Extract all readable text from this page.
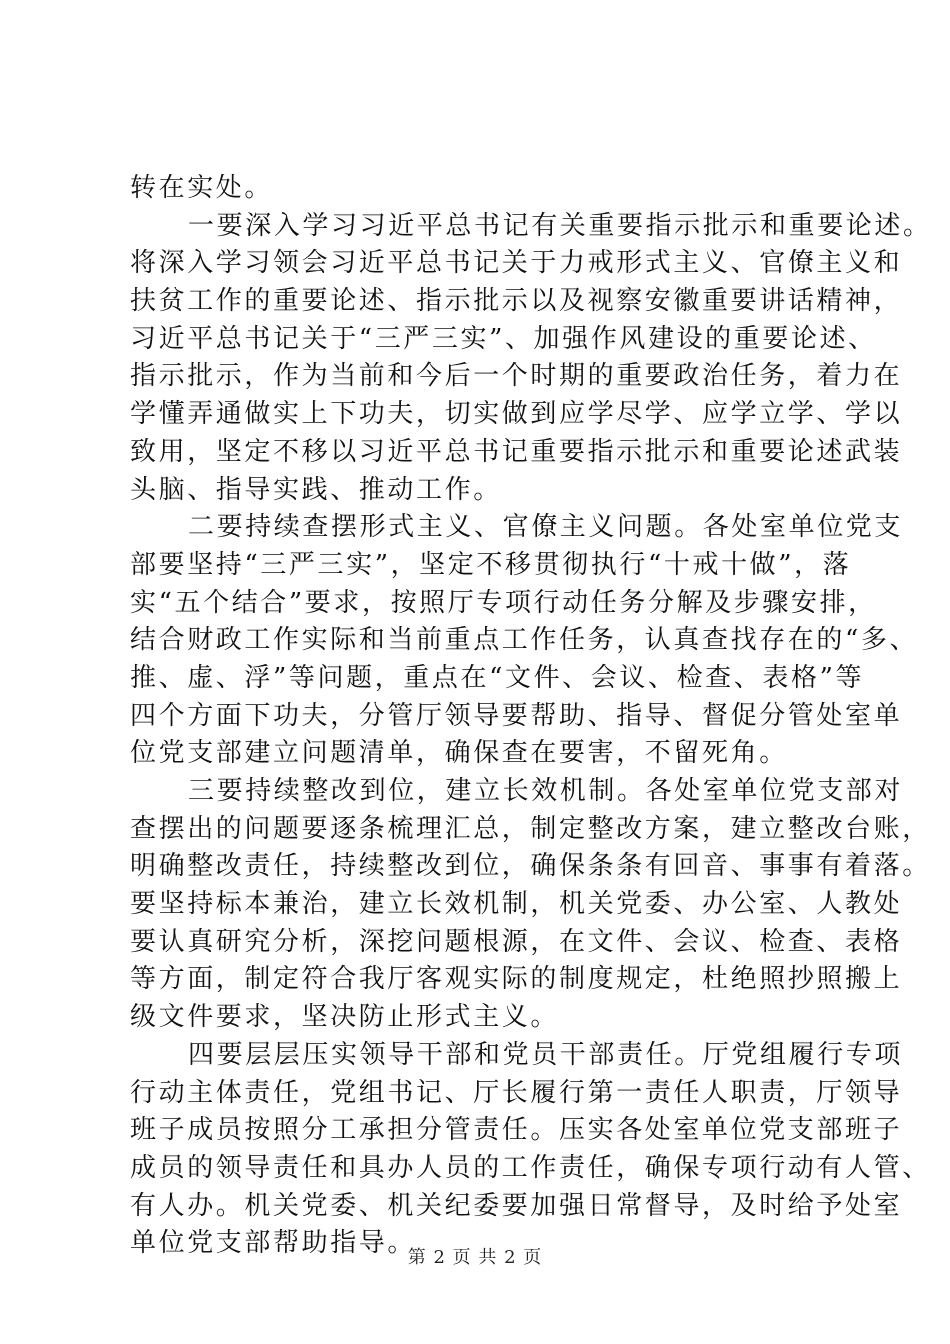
转在实处。
一要深入学习习近平总书记有关重要指示批示和重要论述。
将深入学习领会习近平总书记关于力戒形式主义、官僚主义和
扶贫工作的重要论述、指示批示以及视察安徽重要讲话精神，
习近平总书记关于“三严三实”、加强作风建设的重要论述、
指示批示，作为当前和今后一个时期的重要政治任务，着力在
学懂弄通做实上下功夫，切实做到应学尽学、应学立学、学以
致用，坚定不移以习近平总书记重要指示批示和重要论述武装
头脑、指导实践、推动工作。
二要持续查摆形式主义、官僚主义问题。各处室单位党支
部要坚持“三严三实”，坚定不移贯彻执行“十戒十做”，落
实“五个结合”要求，按照厅专项行动任务分解及步骤安排，
结合财政工作实际和当前重点工作任务，认真查找存在的“多、
推、虚、浮”等问题，重点在“文件、会议、检查、表格”等
四个方面下功夫，分管厅领导要帮助、指导、督促分管处室单
位党支部建立问题清单，确保查在要害，不留死角。
三要持续整改到位，建立长效机制。各处室单位党支部对
查摆出的问题要逐条梳理汇总，制定整改方案，建立整改台账，
明确整改责任，持续整改到位，确保条条有回音、事事有着落。
要坚持标本兼治，建立长效机制，机关党委、办公室、人教处
要认真研究分析，深挖问题根源，在文件、会议、检查、表格
等方面，制定符合我厅客观实际的制度规定，杜绝照抄照搬上
级文件要求，坚决防止形式主义。
四要层层压实领导干部和党员干部责任。厅党组履行专项
行动主体责任，党组书记、厅长履行第一责任人职责，厅领导
班子成员按照分工承担分管责任。压实各处室单位党支部班子
成员的领导责任和具办人员的工作责任，确保专项行动有人管、
有人办。机关党委、机关纪委要加强日常督导，及时给予处室
单位党支部帮助指导。
第 2 页 共 2 页
